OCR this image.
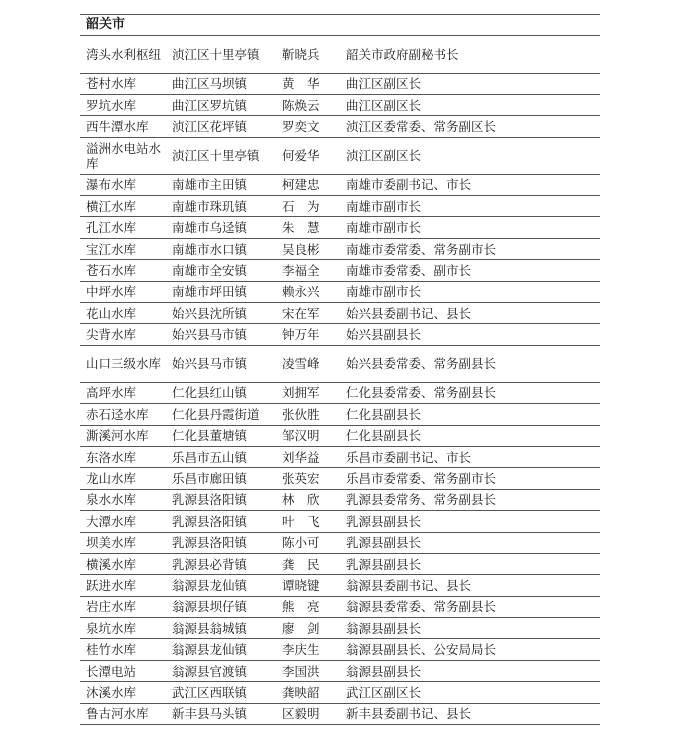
韶关市
湾头水利枢纽	浈江区十里亭镇	靳晓兵	韶关市政府副秘书长
苍村水库	曲江区马坝镇	黄　华	曲江区副区长
罗坑水库	曲江区罗坑镇	陈焕云	曲江区副区长
西牛潭水库	浈江区花坪镇	罗奕文	浈江区委常委、常务副区长
溢洲水电站水库	浈江区十里亭镇	何爱华	浈江区副区长
瀑布水库	南雄市主田镇	柯建忠	南雄市委副书记、市长
横江水库	南雄市珠玑镇	石　为	南雄市副市长
孔江水库	南雄市乌迳镇	朱　慧	南雄市副市长
宝江水库	南雄市水口镇	吴良彬	南雄市委常委、常务副市长
苍石水库	南雄市全安镇	李福全	南雄市委常委、副市长
中坪水库	南雄市坪田镇	赖永兴	南雄市副市长
花山水库	始兴县沈所镇	宋在军	始兴县委副书记、县长
尖背水库	始兴县马市镇	钟万年	始兴县副县长
山口三级水库	始兴县马市镇	凌雪峰	始兴县委常委、常务副县长
高坪水库	仁化县红山镇	刘拥军	仁化县委常委、常务副县长
赤石迳水库	仁化县丹霞街道	张伙胜	仁化县副县长
澌溪河水库	仁化县董塘镇	邹汉明	仁化县副县长
东洛水库	乐昌市五山镇	刘华益	乐昌市委副书记、市长
龙山水库	乐昌市廊田镇	张英宏	乐昌市委常委、常务副市长
泉水水库	乳源县洛阳镇	林　欣	乳源县委常务、常务副县长
大潭水库	乳源县洛阳镇	叶　飞	乳源县副县长
坝美水库	乳源县洛阳镇	陈小可	乳源县副县长
横溪水库	乳源县必背镇	龚　民	乳源县副县长
跃进水库	翁源县龙仙镇	谭晓键	翁源县委副书记、县长
岩庄水库	翁源县坝仔镇	熊　亮	翁源县委常委、常务副县长
泉坑水库	翁源县翁城镇	廖　剑	翁源县副县长
桂竹水库	翁源县龙仙镇	李庆生	翁源县副县长、公安局局长
长潭电站	翁源县官渡镇	李国洪	翁源县副县长
沐溪水库	武江区西联镇	龚映韶	武江区副区长
鲁古河水库	新丰县马头镇	区毅明	新丰县委副书记、县长
